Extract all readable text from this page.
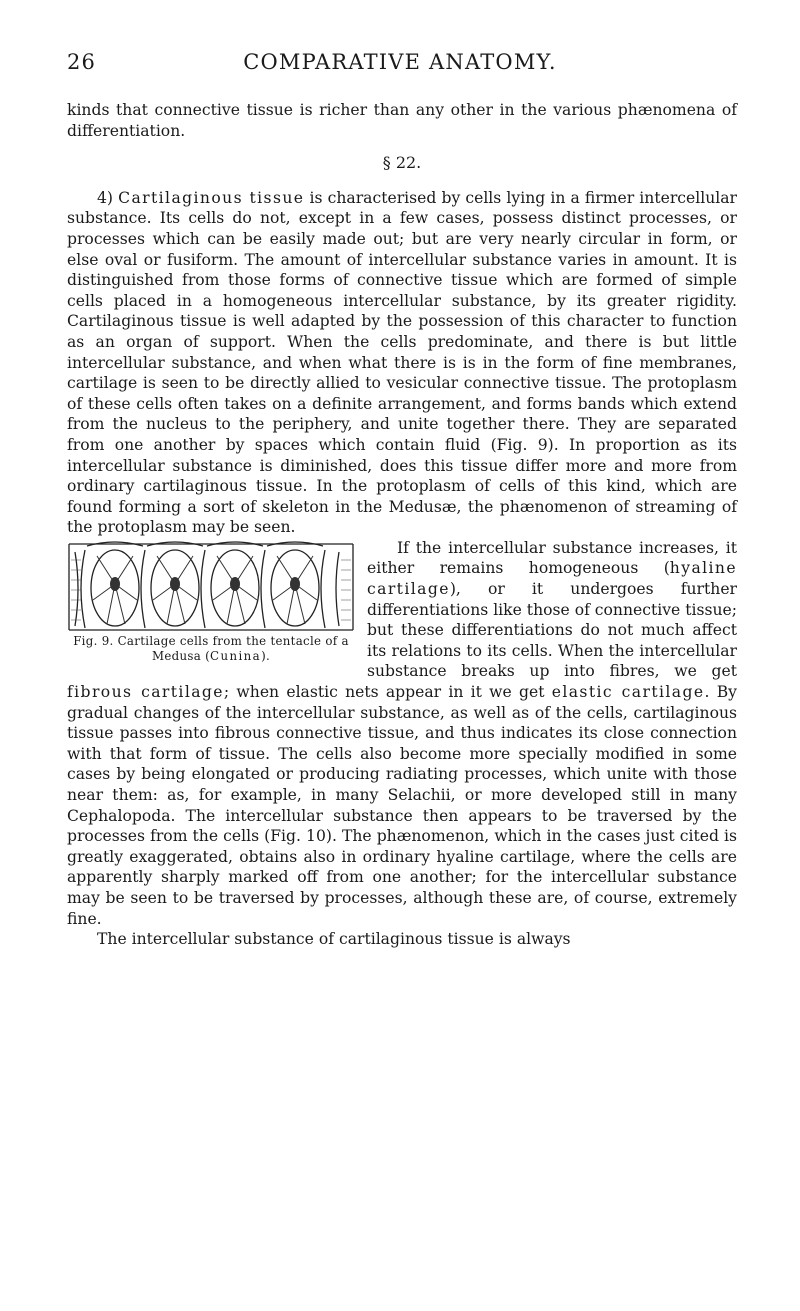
26	COMPARATIVE ANATOMY.

kinds that connective tissue is richer than any other in the various phænomena of differentiation.

§ 22.

4) Cartilaginous tissue is characterised by cells lying in a firmer intercellular substance. Its cells do not, except in a few cases, possess distinct processes, or processes which can be easily made out; but are very nearly circular in form, or else oval or fusiform. The amount of intercellular substance varies in amount. It is distinguished from those forms of connective tissue which are formed of simple cells placed in a homogeneous intercellular substance, by its greater rigidity. Cartilaginous tissue is well adapted by the possession of this character to function as an organ of support. When the cells predominate, and there is but little intercellular substance, and when what there is is in the form of fine membranes, cartilage is seen to be directly allied to vesicular connective tissue. The protoplasm of these cells often takes on a definite arrangement, and forms bands which extend from the nucleus to the periphery, and unite together there. They are separated from one another by spaces which contain fluid (Fig. 9). In proportion as its intercellular substance is diminished, does this tissue differ more and more from ordinary cartilaginous tissue. In the protoplasm of cells of this kind, which are found forming a sort of skeleton in the Medusæ, the phænomenon of streaming of the protoplasm may be seen.

Fig. 9. Cartilage cells from the tentacle of a Medusa (Cunina).

If the intercellular substance increases, it either remains homogeneous (hyaline cartilage), or it undergoes further differentiations like those of connective tissue; but these differentiations do not much affect its relations to its cells. When the intercellular substance breaks up into fibres, we get fibrous cartilage; when elastic nets appear in it we get elastic cartilage. By gradual changes of the intercellular substance, as well as of the cells, cartilaginous tissue passes into fibrous connective tissue, and thus indicates its close connection with that form of tissue. The cells also become more specially modified in some cases by being elongated or producing radiating processes, which unite with those near them: as, for example, in many Selachii, or more developed still in many Cephalopoda. The intercellular substance then appears to be traversed by the processes from the cells (Fig. 10). The phænomenon, which in the cases just cited is greatly exaggerated, obtains also in ordinary hyaline cartilage, where the cells are apparently sharply marked off from one another; for the intercellular substance may be seen to be traversed by processes, although these are, of course, extremely fine.

The intercellular substance of cartilaginous tissue is always
